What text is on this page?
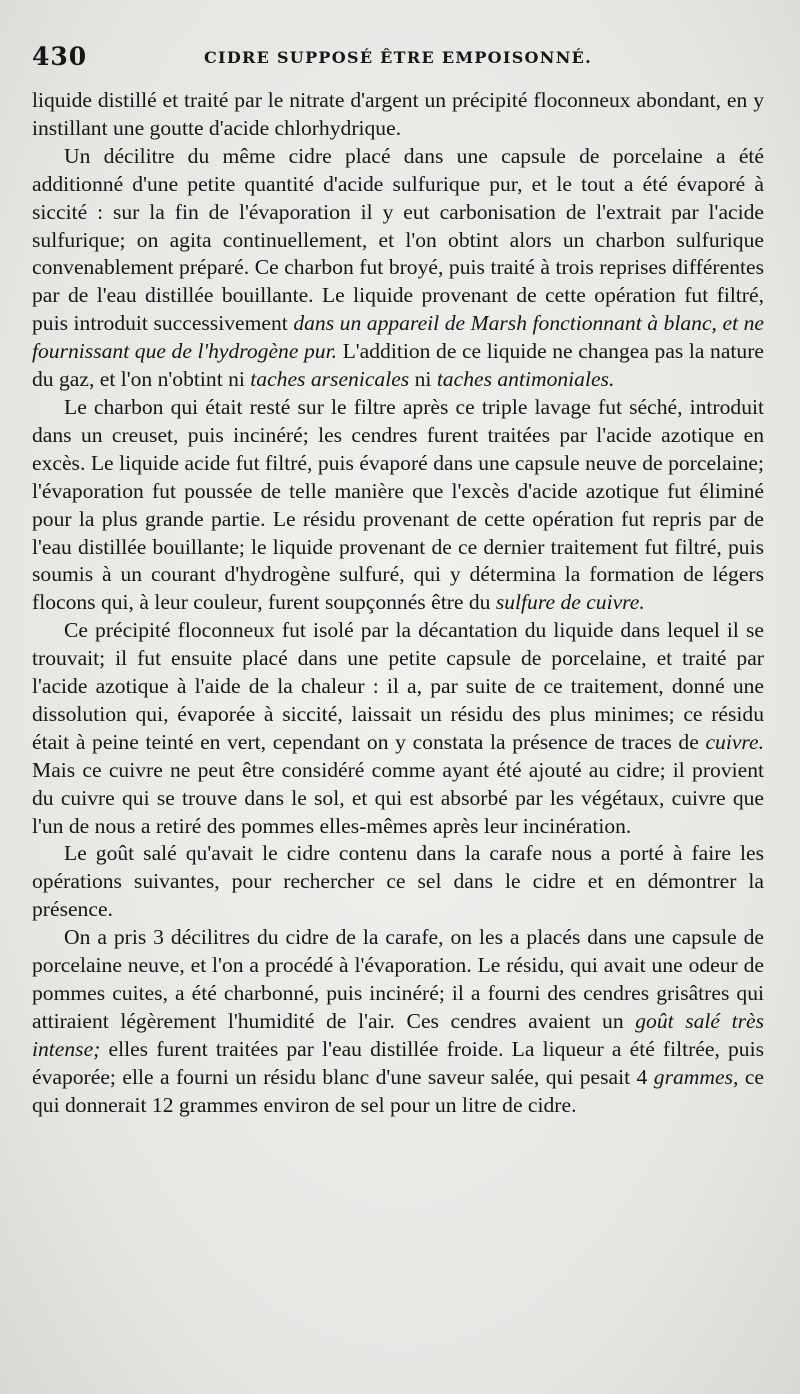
430	CIDRE SUPPOSÉ ÊTRE EMPOISONNÉ.

liquide distillé et traité par le nitrate d'argent un précipité floconneux abondant, en y instillant une goutte d'acide chlorhydrique.

Un décilitre du même cidre placé dans une capsule de porcelaine a été additionné d'une petite quantité d'acide sulfurique pur, et le tout a été évaporé à siccité : sur la fin de l'évaporation il y eut carbonisation de l'extrait par l'acide sulfurique; on agita continuellement, et l'on obtint alors un charbon sulfurique convenablement préparé. Ce charbon fut broyé, puis traité à trois reprises différentes par de l'eau distillée bouillante. Le liquide provenant de cette opération fut filtré, puis introduit successivement dans un appareil de Marsh fonctionnant à blanc, et ne fournissant que de l'hydrogène pur. L'addition de ce liquide ne changea pas la nature du gaz, et l'on n'obtint ni taches arsenicales ni taches antimoniales.

Le charbon qui était resté sur le filtre après ce triple lavage fut séché, introduit dans un creuset, puis incinéré; les cendres furent traitées par l'acide azotique en excès. Le liquide acide fut filtré, puis évaporé dans une capsule neuve de porcelaine; l'évaporation fut poussée de telle manière que l'excès d'acide azotique fut éliminé pour la plus grande partie. Le résidu provenant de cette opération fut repris par de l'eau distillée bouillante; le liquide provenant de ce dernier traitement fut filtré, puis soumis à un courant d'hydrogène sulfuré, qui y détermina la formation de légers flocons qui, à leur couleur, furent soupçonnés être du sulfure de cuivre.

Ce précipité floconneux fut isolé par la décantation du liquide dans lequel il se trouvait; il fut ensuite placé dans une petite capsule de porcelaine, et traité par l'acide azotique à l'aide de la chaleur : il a, par suite de ce traitement, donné une dissolution qui, évaporée à siccité, laissait un résidu des plus minimes; ce résidu était à peine teinté en vert, cependant on y constata la présence de traces de cuivre. Mais ce cuivre ne peut être considéré comme ayant été ajouté au cidre; il provient du cuivre qui se trouve dans le sol, et qui est absorbé par les végétaux, cuivre que l'un de nous a retiré des pommes elles-mêmes après leur incinération.

Le goût salé qu'avait le cidre contenu dans la carafe nous a porté à faire les opérations suivantes, pour rechercher ce sel dans le cidre et en démontrer la présence.

On a pris 3 décilitres du cidre de la carafe, on les a placés dans une capsule de porcelaine neuve, et l'on a procédé à l'évaporation. Le résidu, qui avait une odeur de pommes cuites, a été charbonné, puis incinéré; il a fourni des cendres grisâtres qui attiraient légèrement l'humidité de l'air. Ces cendres avaient un goût salé très intense; elles furent traitées par l'eau distillée froide. La liqueur a été filtrée, puis évaporée; elle a fourni un résidu blanc d'une saveur salée, qui pesait 4 grammes, ce qui donnerait 12 grammes environ de sel pour un litre de cidre.
